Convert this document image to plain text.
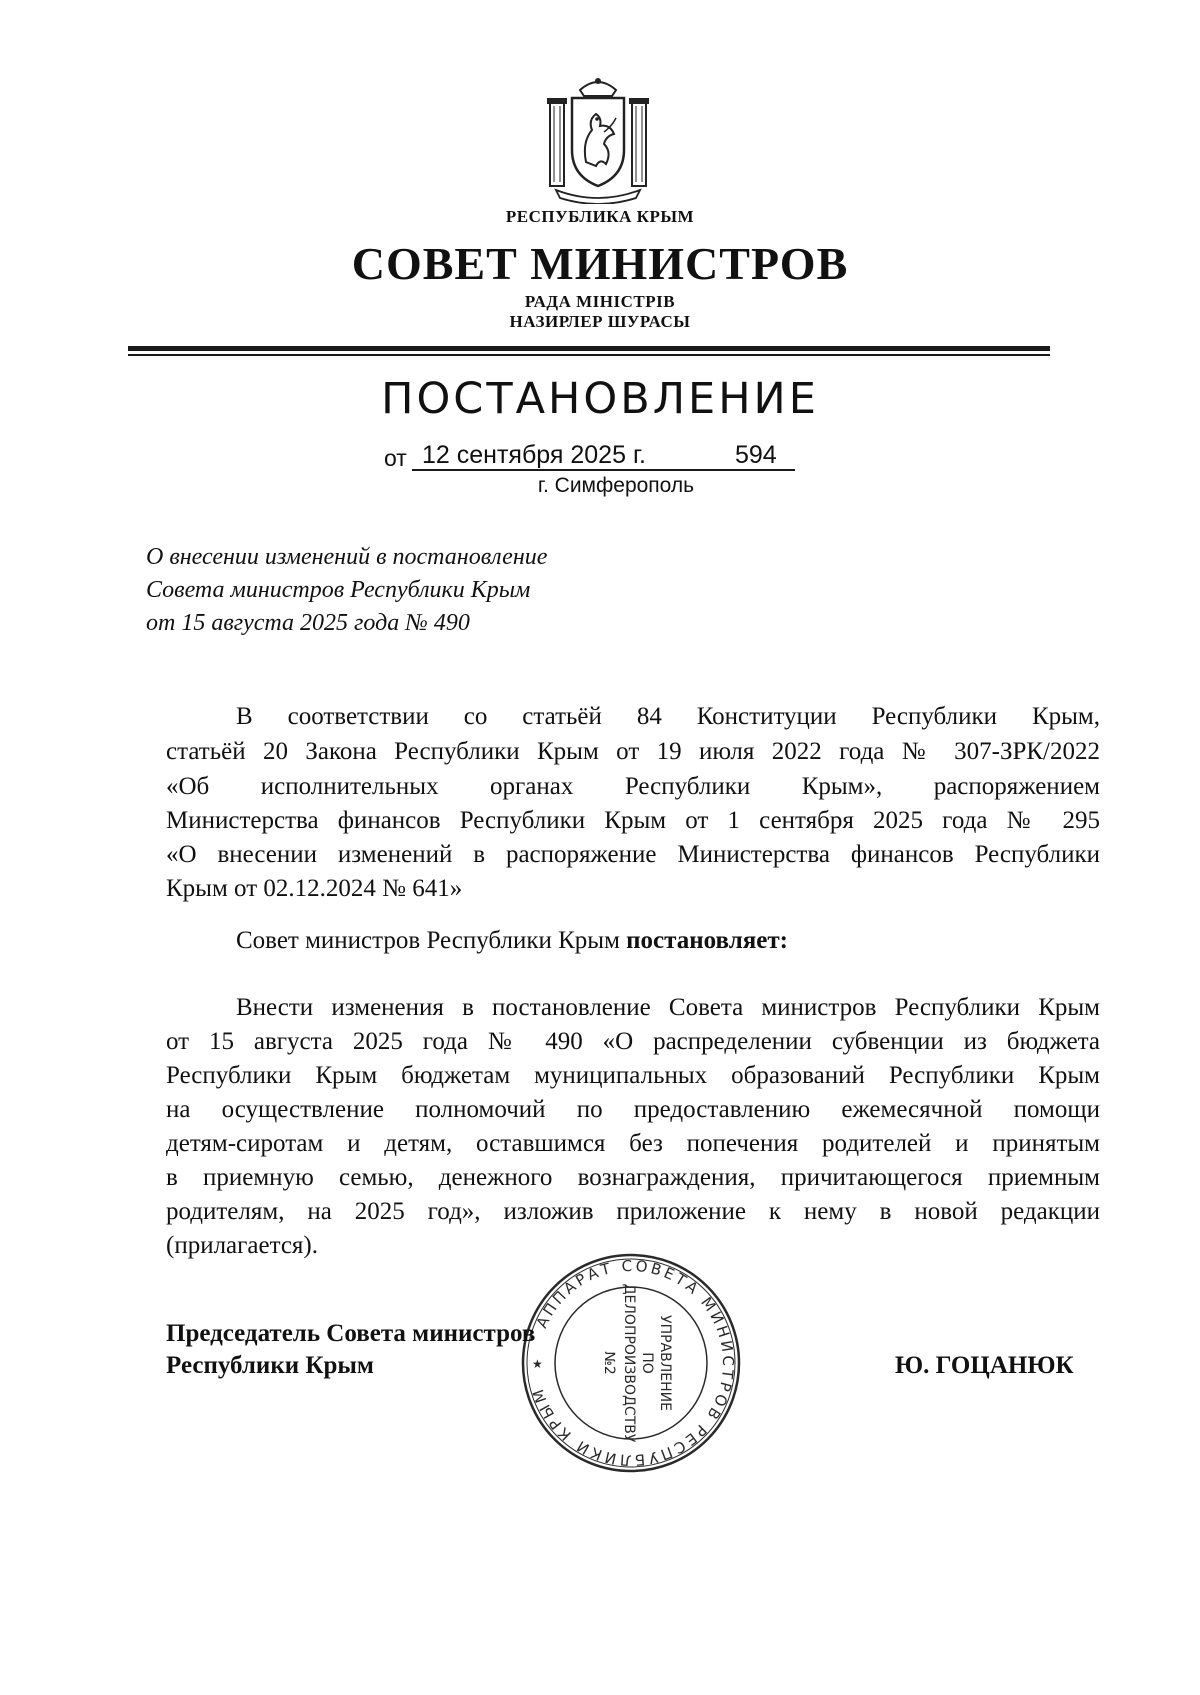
РЕСПУБЛИКА КРЫМ
СОВЕТ МИНИСТРОВ
РАДА МІНІСТРІВ
НАЗИРЛЕР ШУРАСЫ
ПОСТАНОВЛЕНИЕ
от 12 сентября 2025 г.	594
г. Симферополь
О внесении изменений в постановление
Совета министров Республики Крым
от 15 августа 2025 года № 490
В соответствии со статьёй 84 Конституции Республики Крым,
статьёй 20 Закона Республики Крым от 19 июля 2022 года № 307-ЗРК/2022
«Об исполнительных органах Республики Крым», распоряжением
Министерства финансов Республики Крым от 1 сентября 2025 года № 295
«О внесении изменений в распоряжение Министерства финансов Республики
Крым от 02.12.2024 № 641»
Совет министров Республики Крым постановляет:
Внести изменения в постановление Совета министров Республики Крым
от 15 августа 2025 года № 490 «О распределении субвенции из бюджета
Республики Крым бюджетам муниципальных образований Республики Крым
на осуществление полномочий по предоставлению ежемесячной помощи
детям-сиротам и детям, оставшимся без попечения родителей и принятым
в приемную семью, денежного вознаграждения, причитающегося приемным
родителям, на 2025 год», изложив приложение к нему в новой редакции
(прилагается).
АППАРАТ СОВЕТА МИНИСТРОВ РЕСПУБЛИКИ КРЫМ
★	УПРАВЛЕНИЕ
ПО
ДЕЛОПРОИЗВОДСТВУ
№2
Председатель Совета министров
Республики Крым	Ю. ГОЦАНЮК
